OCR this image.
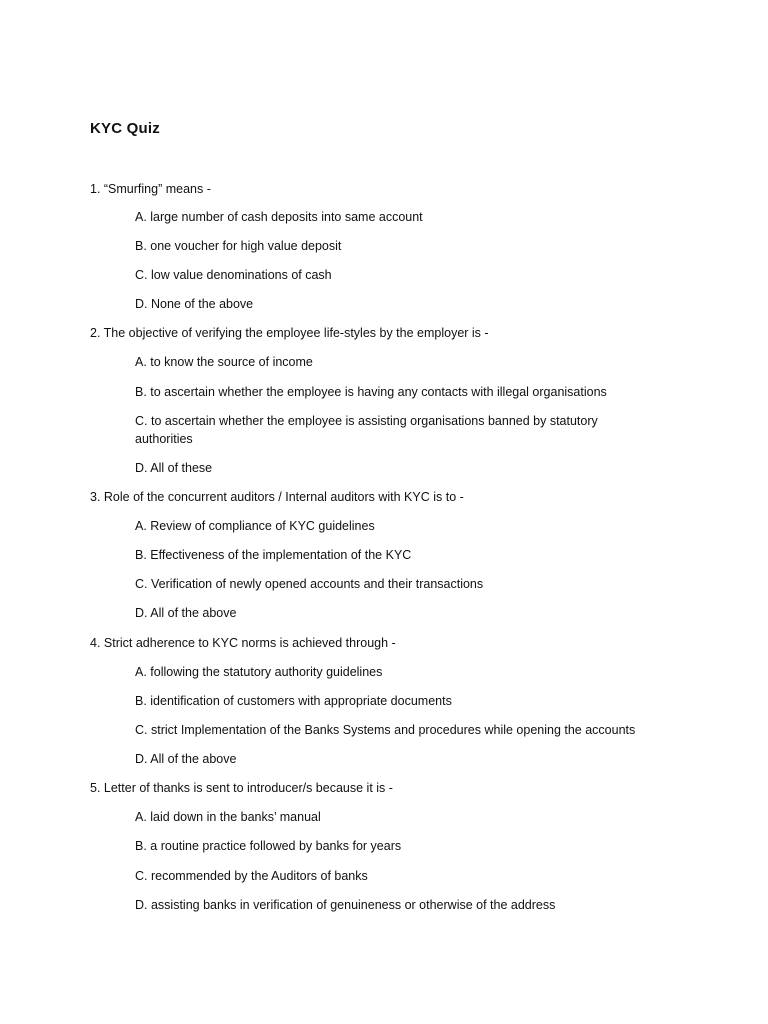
KYC Quiz
1. “Smurfing” means -
A. large number of cash deposits into same account
B. one voucher for high value deposit
C. low value denominations of cash
D. None of the above
2. The objective of verifying the employee life-styles by the employer is -
A. to know the source of income
B. to ascertain whether the employee is having any contacts with illegal organisations
C. to ascertain whether the employee is assisting organisations banned by statutory authorities
D. All of these
3. Role of the concurrent auditors / Internal auditors with KYC is to -
A. Review of compliance of KYC guidelines
B. Effectiveness of the implementation of the KYC
C. Verification of newly opened accounts and their transactions
D. All of the above
4. Strict adherence to KYC norms is achieved through -
A. following the statutory authority guidelines
B. identification of customers with appropriate documents
C. strict Implementation of the Banks Systems and procedures while opening the accounts
D. All of the above
5. Letter of thanks is sent to introducer/s because it is -
A. laid down in the banks’ manual
B. a routine practice followed by banks for years
C. recommended by the Auditors of banks
D. assisting banks in verification of genuineness or otherwise of the address
